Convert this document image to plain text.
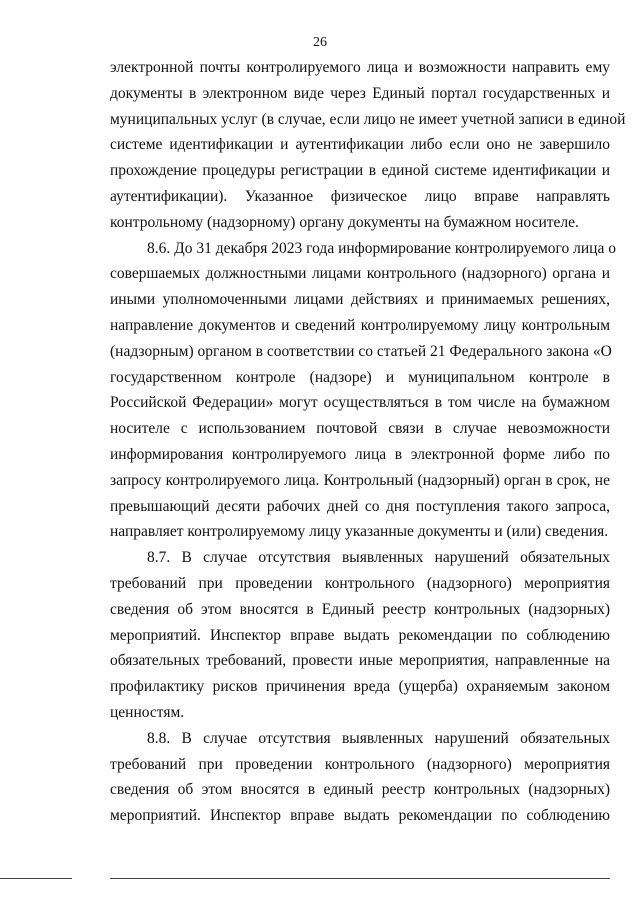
26
электронной почты контролируемого лица и возможности направить ему
документы в электронном виде через Единый портал государственных и
муниципальных услуг (в случае, если лицо не имеет учетной записи в единой
системе идентификации и аутентификации либо если оно не завершило
прохождение процедуры регистрации в единой системе идентификации и
аутентификации). Указанное физическое лицо вправе направлять
контрольному (надзорному) органу документы на бумажном носителе.
8.6. До 31 декабря 2023 года информирование контролируемого лица о
совершаемых должностными лицами контрольного (надзорного) органа и
иными уполномоченными лицами действиях и принимаемых решениях,
направление документов и сведений контролируемому лицу контрольным
(надзорным) органом в соответствии со статьей 21 Федерального закона «О
государственном контроле (надзоре) и муниципальном контроле в
Российской Федерации» могут осуществляться в том числе на бумажном
носителе с использованием почтовой связи в случае невозможности
информирования контролируемого лица в электронной форме либо по
запросу контролируемого лица. Контрольный (надзорный) орган в срок, не
превышающий десяти рабочих дней со дня поступления такого запроса,
направляет контролируемому лицу указанные документы и (или) сведения.
8.7. В случае отсутствия выявленных нарушений обязательных
требований при проведении контрольного (надзорного) мероприятия
сведения об этом вносятся в Единый реестр контрольных (надзорных)
мероприятий. Инспектор вправе выдать рекомендации по соблюдению
обязательных требований, провести иные мероприятия, направленные на
профилактику рисков причинения вреда (ущерба) охраняемым законом
ценностям.
8.8. В случае отсутствия выявленных нарушений обязательных
требований при проведении контрольного (надзорного) мероприятия
сведения об этом вносятся в единый реестр контрольных (надзорных)
мероприятий. Инспектор вправе выдать рекомендации по соблюдению
